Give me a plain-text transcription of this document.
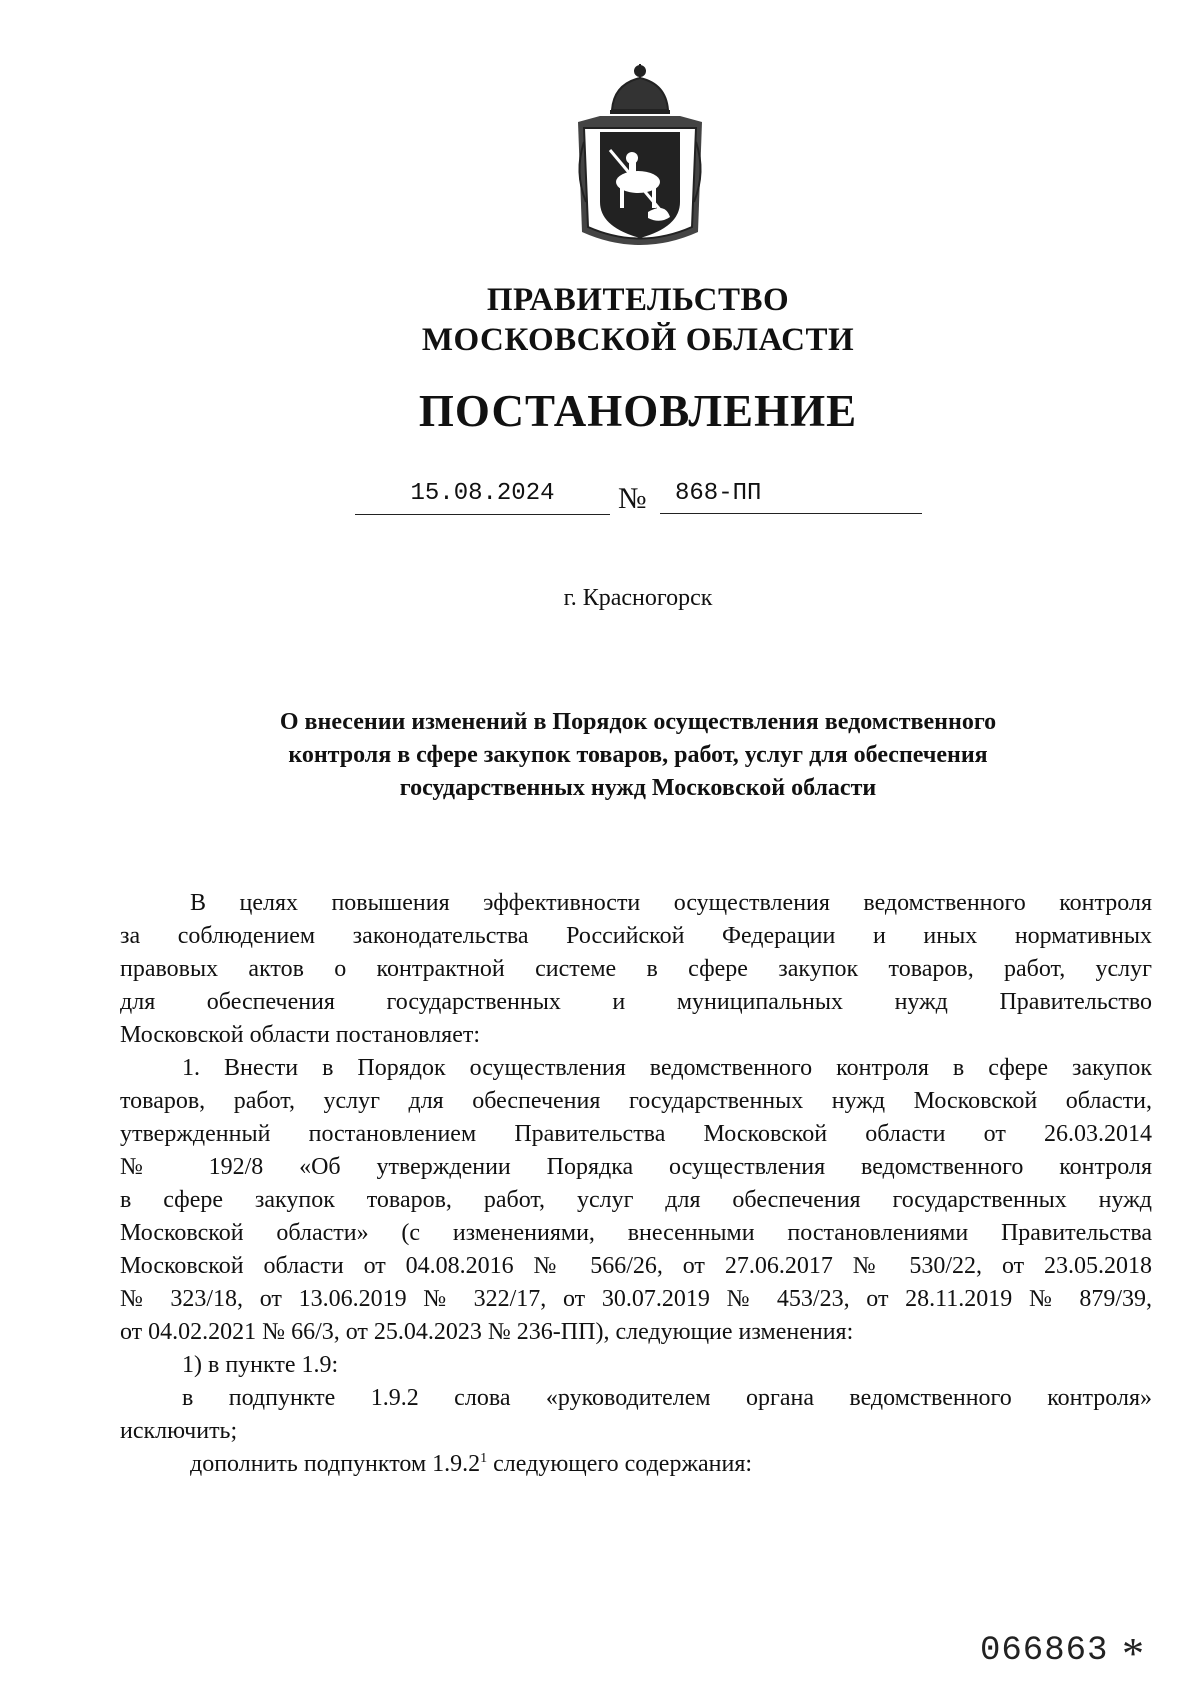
ПРАВИТЕЛЬСТВО
МОСКОВСКОЙ ОБЛАСТИ
ПОСТАНОВЛЕНИЕ
15.08.2024	№	868-ПП
г. Красногорск
О внесении изменений в Порядок осуществления ведомственного
контроля в сфере закупок товаров, работ, услуг для обеспечения
государственных нужд Московской области
В целях повышения эффективности осуществления ведомственного контроля
за соблюдением законодательства Российской Федерации и иных нормативных
правовых актов о контрактной системе в сфере закупок товаров, работ, услуг
для обеспечения государственных и муниципальных нужд Правительство
Московской области постановляет:
1. Внести в Порядок осуществления ведомственного контроля в сфере закупок
товаров, работ, услуг для обеспечения государственных нужд Московской области,
утвержденный постановлением Правительства Московской области от 26.03.2014
№ 192/8 «Об утверждении Порядка осуществления ведомственного контроля
в сфере закупок товаров, работ, услуг для обеспечения государственных нужд
Московской области» (с изменениями, внесенными постановлениями Правительства
Московской области от 04.08.2016 № 566/26, от 27.06.2017 № 530/22, от 23.05.2018
№ 323/18, от 13.06.2019 № 322/17, от 30.07.2019 № 453/23, от 28.11.2019 № 879/39,
от 04.02.2021 № 66/3, от 25.04.2023 № 236-ПП), следующие изменения:
1) в пункте 1.9:
в подпункте 1.9.2 слова «руководителем органа ведомственного контроля»
исключить;
дополнить подпунктом 1.9.2$^1$ следующего содержания:
066863 *
